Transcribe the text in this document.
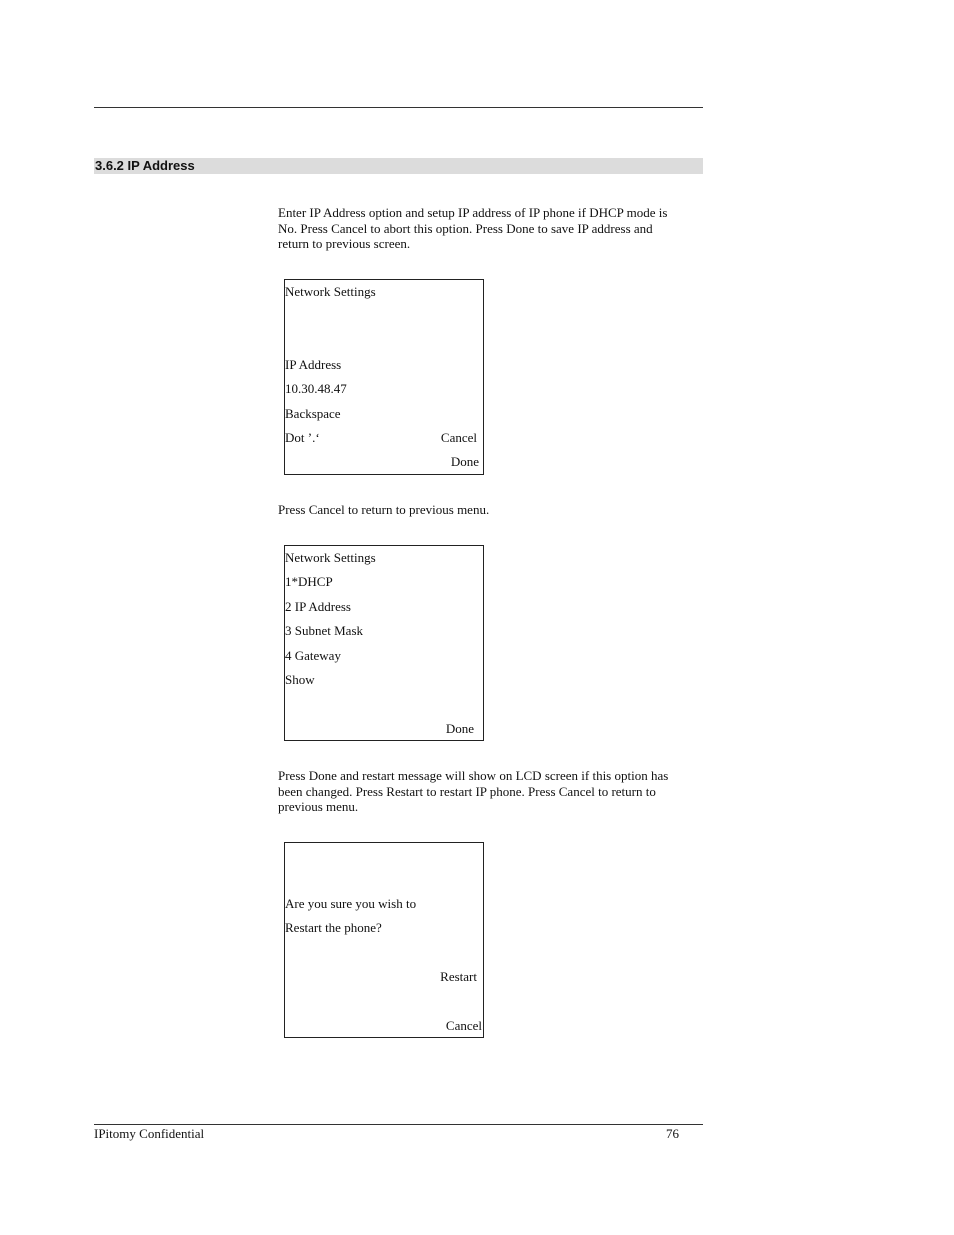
3.6.2 IP Address

Enter IP Address option and setup IP address of IP phone if DHCP mode is No. Press Cancel to abort this option. Press Done to save IP address and return to previous screen.

Network Settings
IP Address
10.30.48.47
Backspace
Dot ’.‘	Cancel
Done

Press Cancel to return to previous menu.

Network Settings
1*DHCP
2 IP Address
3 Subnet Mask
4 Gateway
Show
Done

Press Done and restart message will show on LCD screen if this option has been changed. Press Restart to restart IP phone. Press Cancel to return to previous menu.

Are you sure you wish to
Restart the phone?
Restart
Cancel
IPitomy Confidential	76
